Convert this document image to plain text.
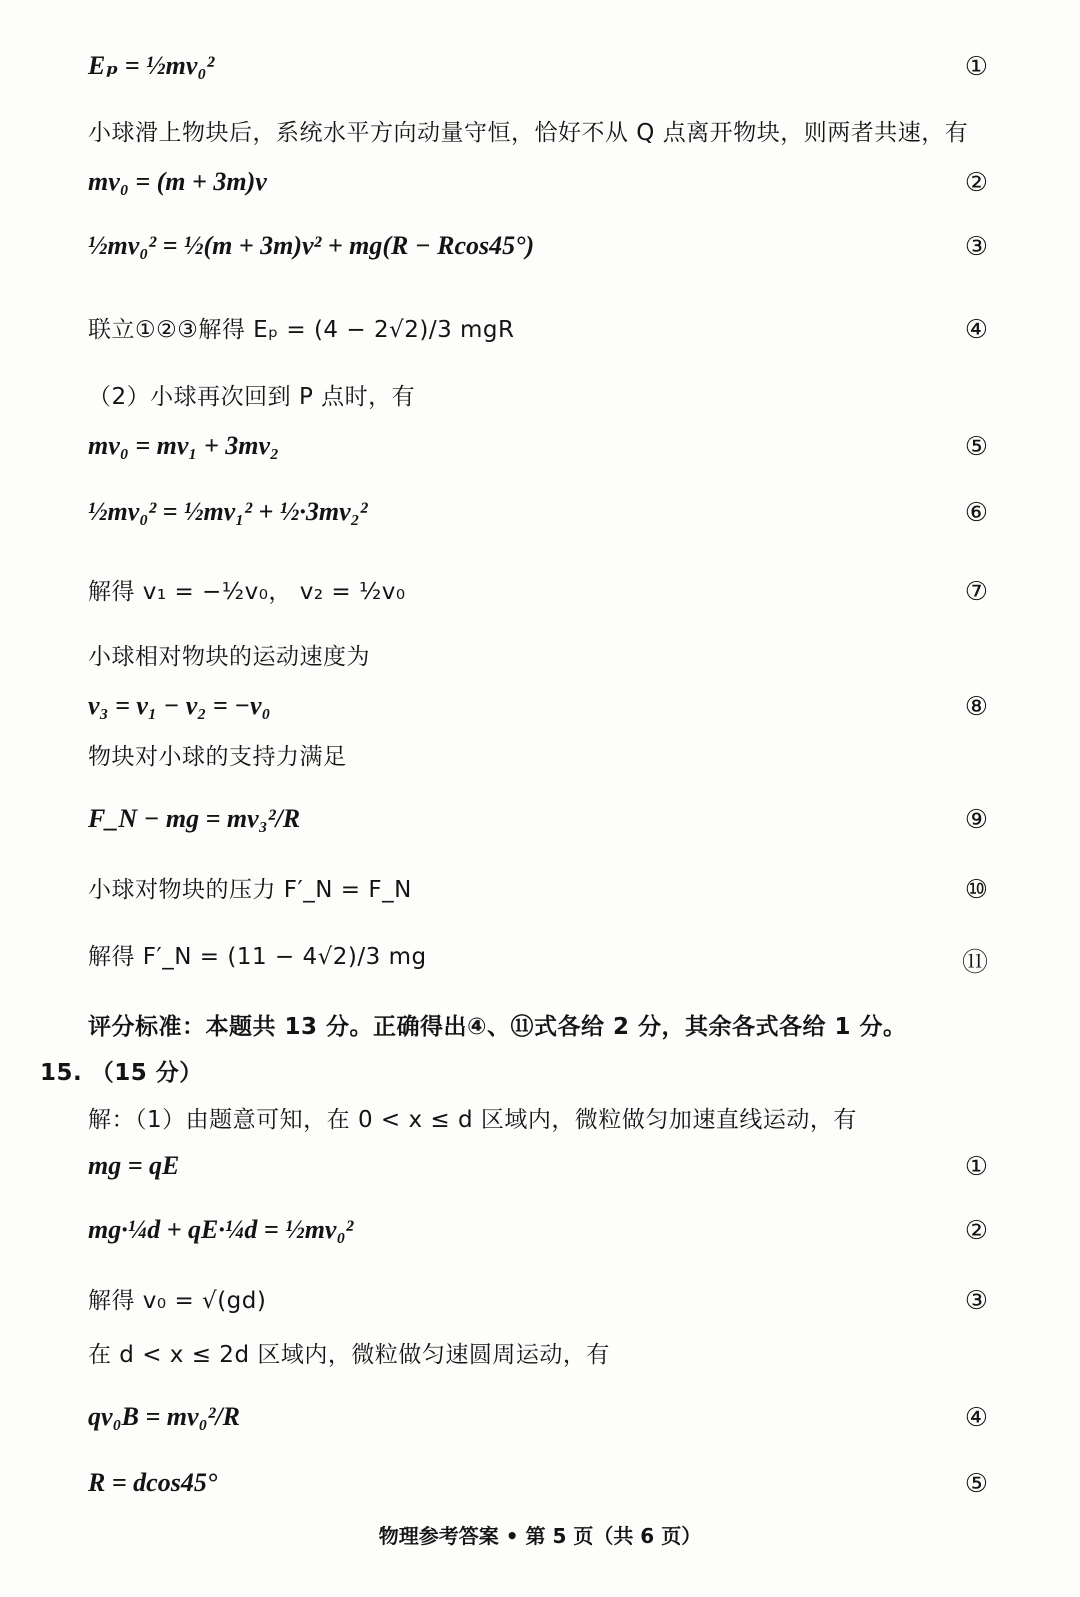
Eₚ = ½mv₀²	①
小球滑上物块后，系统水平方向动量守恒，恰好不从 Q 点离开物块，则两者共速，有
mv₀ = (m + 3m)v	②
½mv₀² = ½(m + 3m)v² + mg(R − Rcos45°)	③
联立①②③解得 Eₚ = (4 − 2√2)/3 mgR	④
（2）小球再次回到 P 点时，有
mv₀ = mv₁ + 3mv₂	⑤
½mv₀² = ½mv₁² + ½·3mv₂²	⑥
解得 v₁ = −½v₀， v₂ = ½v₀	⑦
小球相对物块的运动速度为
v₃ = v₁ − v₂ = −v₀	⑧
物块对小球的支持力满足
F_N − mg = mv₃²/R	⑨
小球对物块的压力 F′_N = F_N	⑩
解得 F′_N = (11 − 4√2)/3 mg	⑪
评分标准：本题共 13 分。正确得出④、⑪式各给 2 分，其余各式各给 1 分。
15. （15 分）
解：（1）由题意可知，在 0 < x ≤ d 区域内，微粒做匀加速直线运动，有
mg = qE	①
mg·¼d + qE·¼d = ½mv₀²	②
解得 v₀ = √(gd)	③
在 d < x ≤ 2d 区域内，微粒做匀速圆周运动，有
qv₀B = mv₀²/R	④
R = dcos45°	⑤
物理参考答案 • 第 5 页（共 6 页）
